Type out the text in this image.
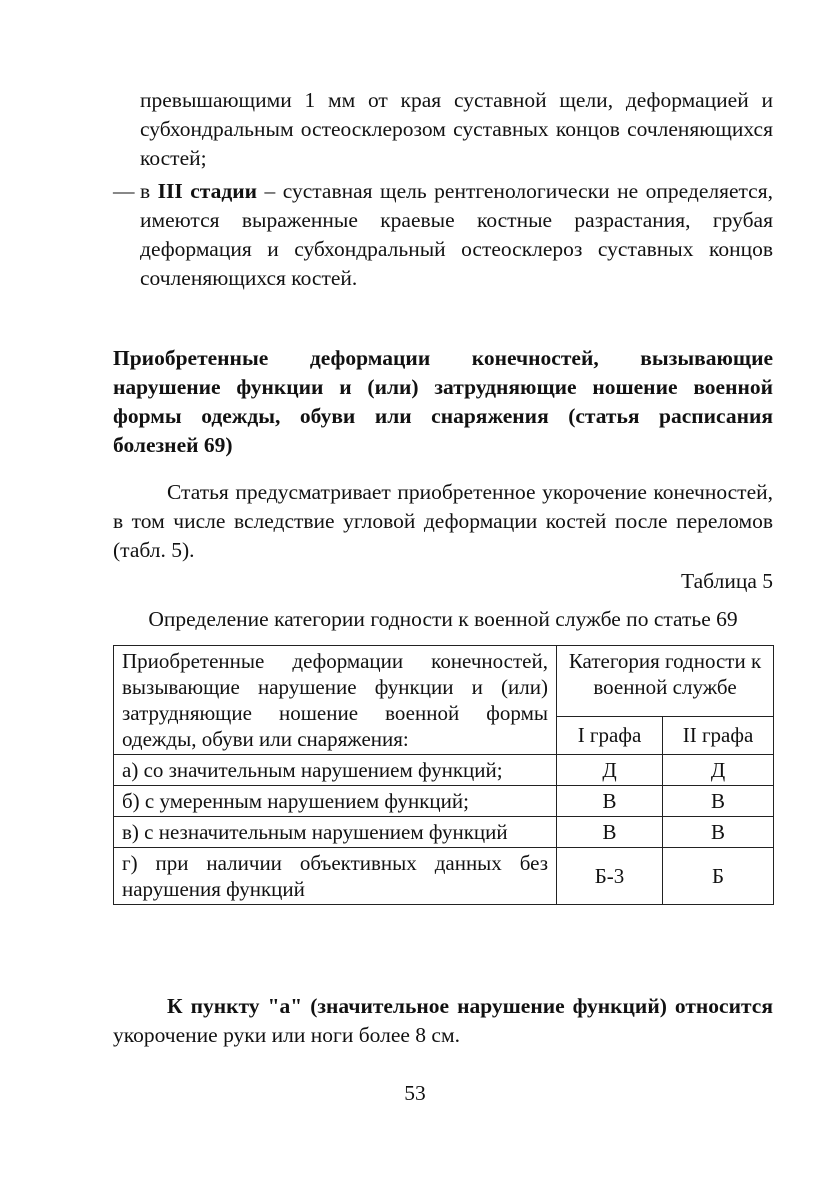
превышающими 1 мм от края суставной щели, деформацией и субхондральным остеосклерозом суставных концов сочленяющихся костей;
— в III стадии – суставная щель рентгенологически не определяется, имеются выраженные краевые костные разрастания, грубая деформация и субхондральный остеосклероз суставных концов сочленяющихся костей.
Приобретенные деформации конечностей, вызывающие нарушение функции и (или) затрудняющие ношение военной формы одежды, обуви или снаряжения (статья расписания болезней 69)
Статья предусматривает приобретенное укорочение конечностей, в том числе вследствие угловой деформации костей после переломов (табл. 5).
Таблица 5
Определение категории годности к военной службе по статье 69
Приобретенные деформации конечностей, вызывающие нарушение функции и (или) затрудняющие ношение военной формы одежды, обуви или снаряжения:	Категория годности к военной службе	
	I графа	II графа
а) со значительным нарушением функций;	Д	Д
б) с умеренным нарушением функций;	В	В
в) с незначительным нарушением функций	В	В
г) при наличии объективных данных без нарушения функций	Б-3	Б
К пункту "а" (значительное нарушение функций) относится укорочение руки или ноги более 8 см.
53
